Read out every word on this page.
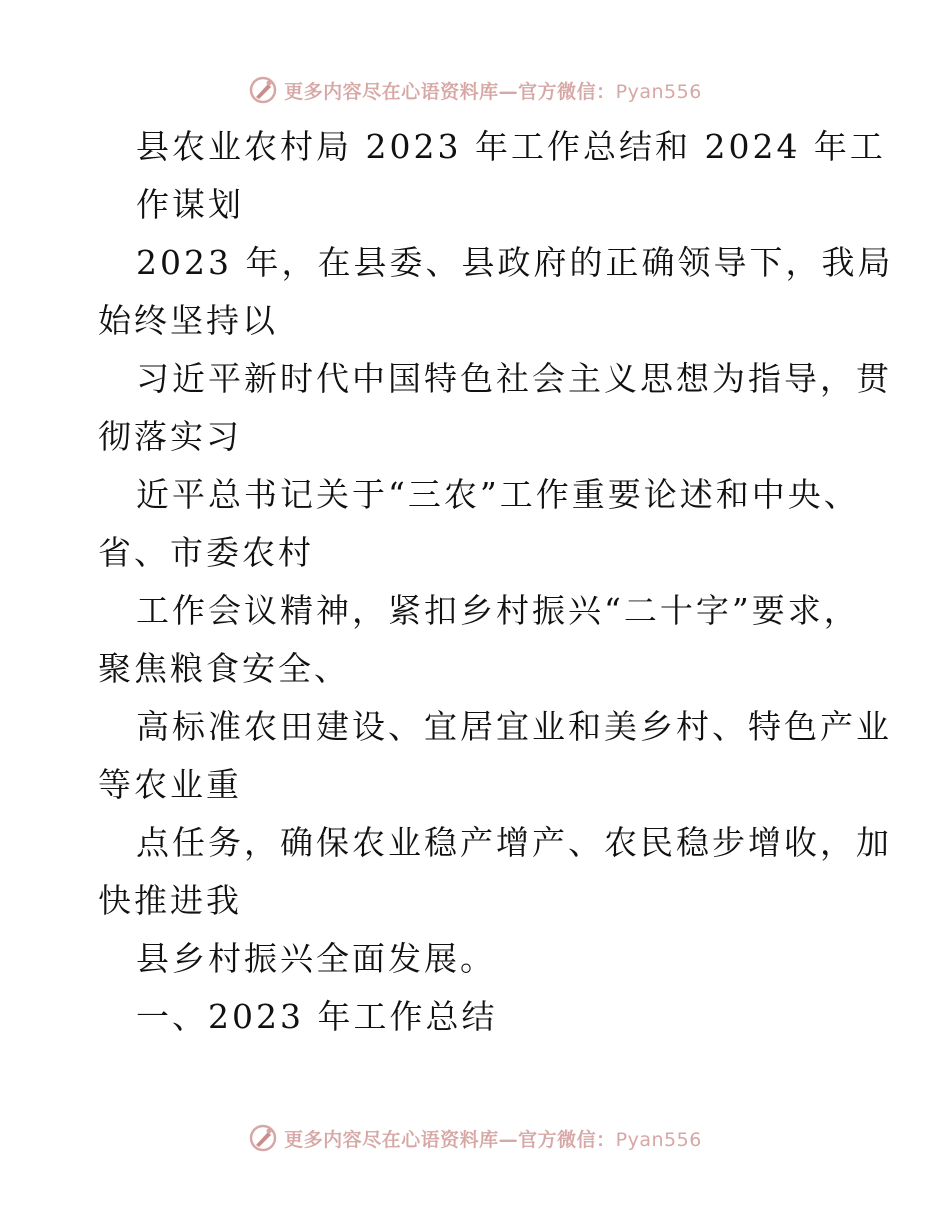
更多内容尽在心语资料库—官方微信：Pyan556
县农业农村局 2023 年工作总结和 2024 年工
作谋划
2023 年，在县委、县政府的正确领导下，我局
始终坚持以
习近平新时代中国特色社会主义思想为指导，贯
彻落实习
近平总书记关于“三农”工作重要论述和中央、
省、市委农村
工作会议精神，紧扣乡村振兴“二十字”要求，
聚焦粮食安全、
高标准农田建设、宜居宜业和美乡村、特色产业
等农业重
点任务，确保农业稳产增产、农民稳步增收，加
快推进我
县乡村振兴全面发展。
一、2023 年工作总结
更多内容尽在心语资料库—官方微信：Pyan556
